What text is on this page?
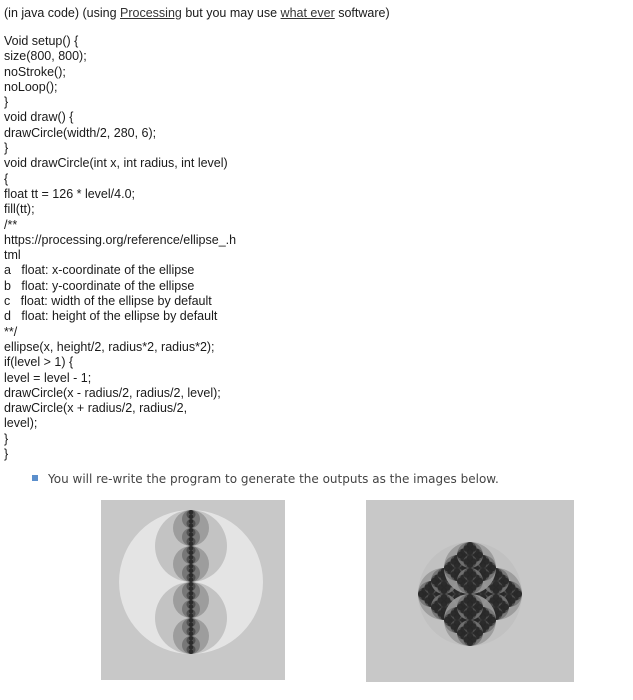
(in java code) (using Processing but you may use what ever software)
Void setup() {
size(800, 800);
noStroke();
noLoop();
}
void draw() {
drawCircle(width/2, 280, 6);
}
void drawCircle(int x, int radius, int level)
{
float tt = 126 * level/4.0;
fill(tt);
/**
https://processing.org/reference/ellipse_.h
tml
a   float: x-coordinate of the ellipse
b   float: y-coordinate of the ellipse
c   float: width of the ellipse by default
d   float: height of the ellipse by default
**/
ellipse(x, height/2, radius*2, radius*2);
if(level > 1) {
level = level - 1;
drawCircle(x - radius/2, radius/2, level);
drawCircle(x + radius/2, radius/2,
level);
}
}
You will re-write the program to generate the outputs as the images below.
